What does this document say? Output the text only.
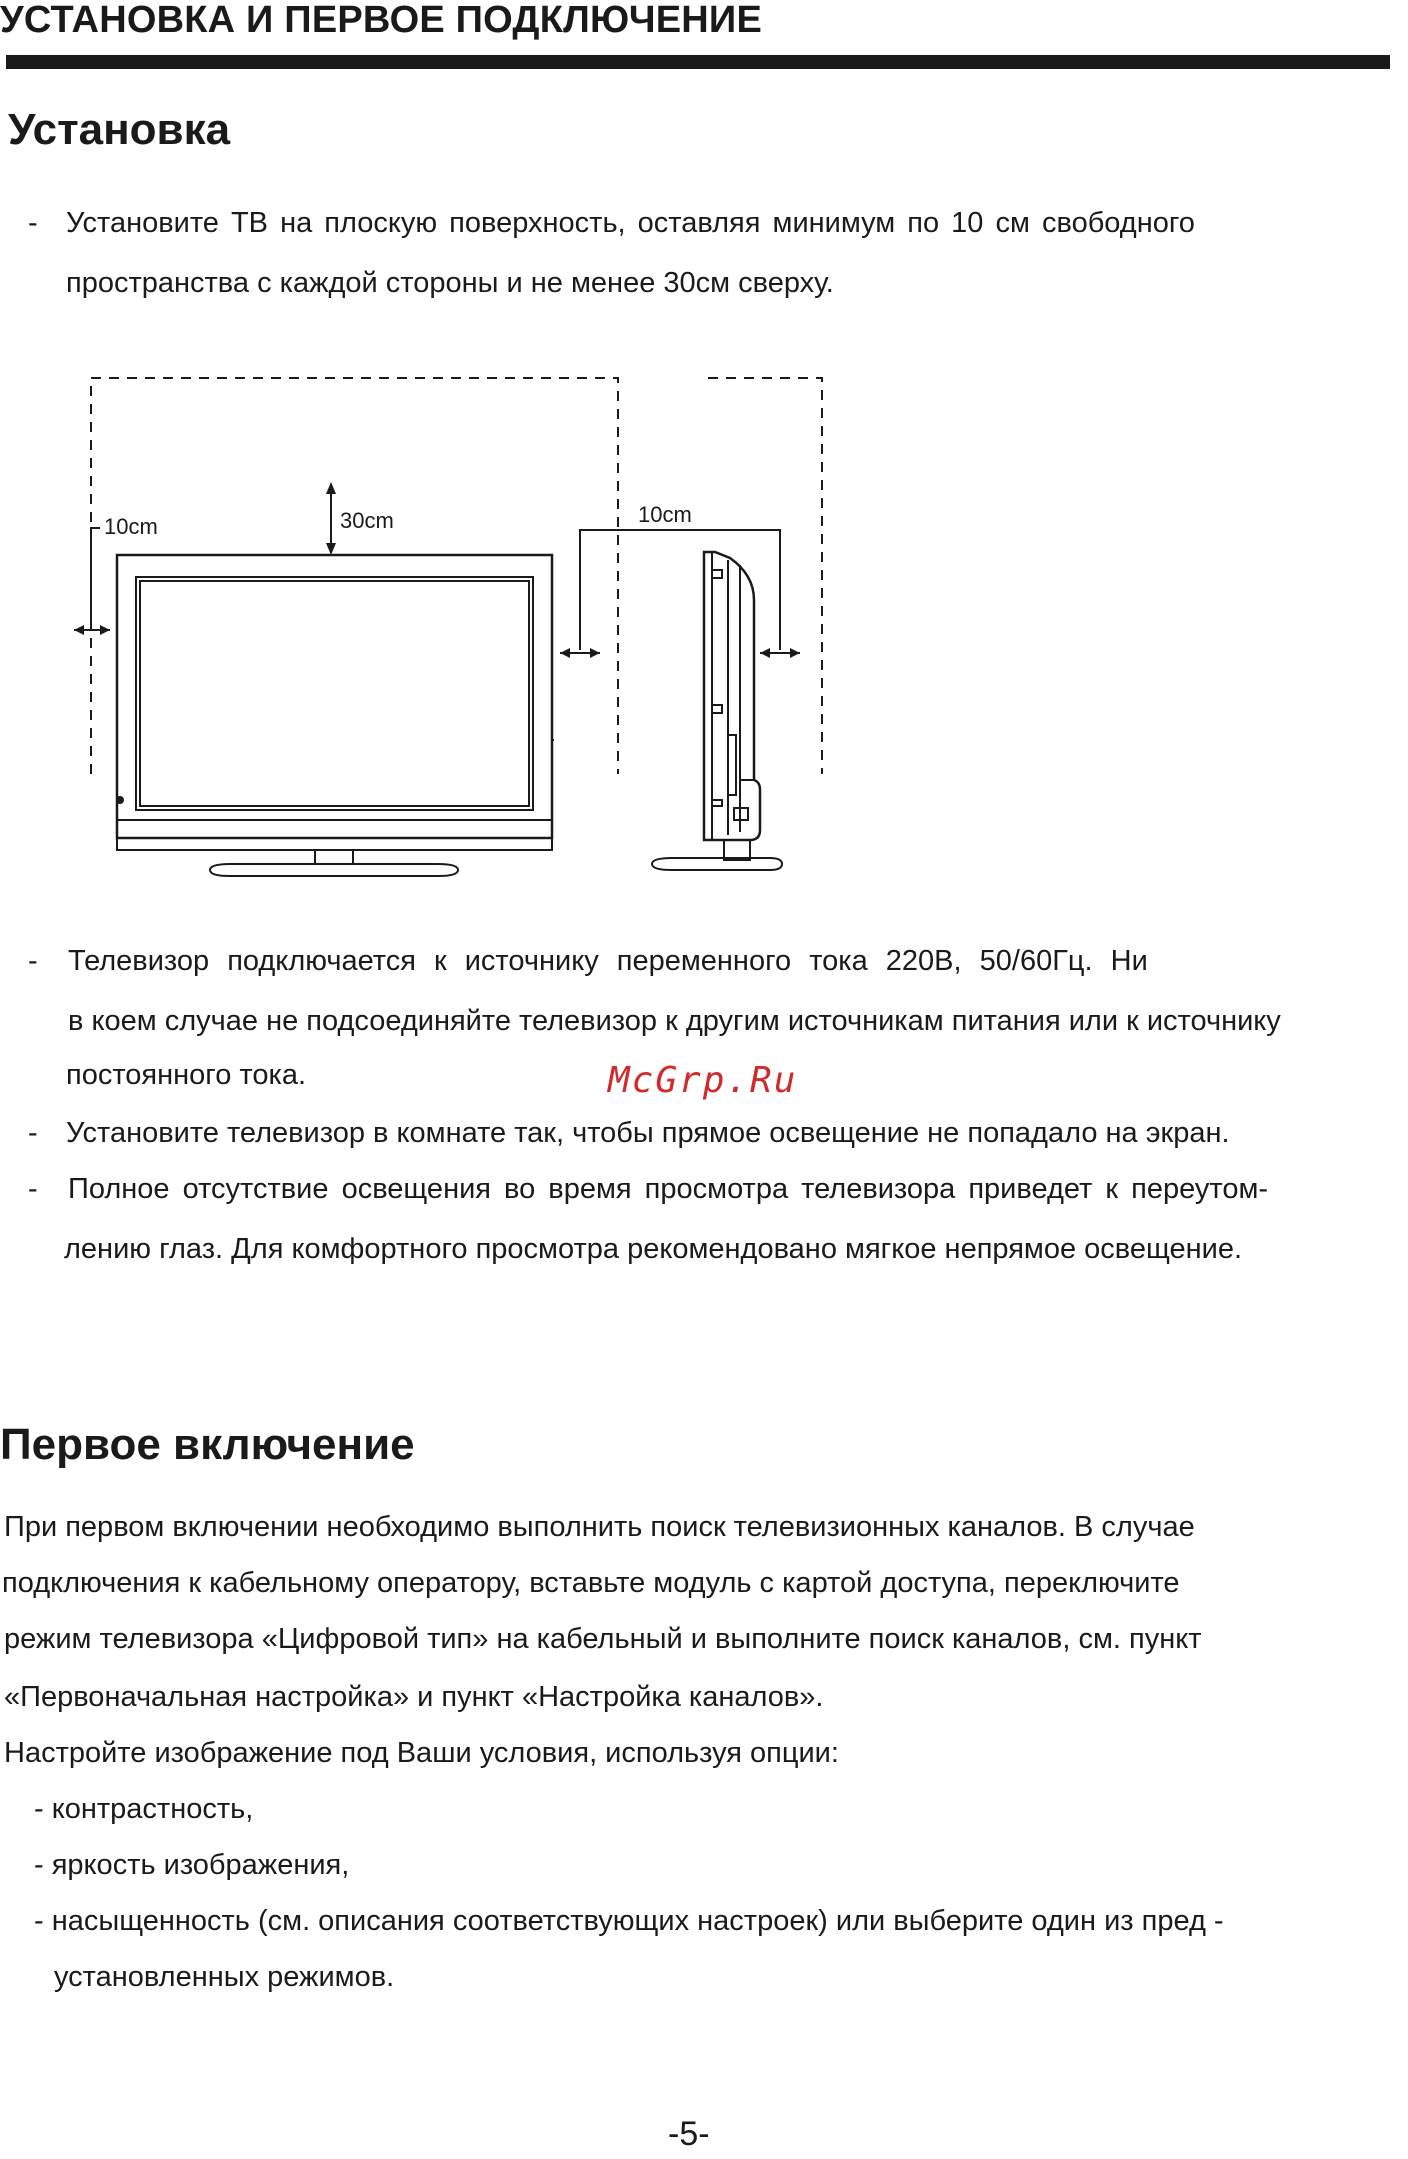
УСТАНОВКА И ПЕРВОЕ ПОДКЛЮЧЕНИЕ
Установка
- Установите ТВ на плоскую поверхность, оставляя минимум по 10 см свободного
пространства с каждой стороны и не менее 30см сверху.
10cm	30cm	10cm
- Телевизор подключается к источнику переменного тока 220В, 50/60Гц. Ни
в коем случае не подсоединяйте телевизор к другим источникам питания или к источнику
постоянного тока.	McGrp.Ru
- Установите телевизор в комнате так, чтобы прямое освещение не попадало на экран.
- Полное отсутствие освещения во время просмотра телевизора приведет к переутом-
лению глаз. Для комфортного просмотра рекомендовано мягкое непрямое освещение.
Первое включение
При первом включении необходимо выполнить поиск телевизионных каналов. В случае
подключения к кабельному оператору, вставьте модуль с картой доступа, переключите
режим телевизора «Цифровой тип» на кабельный и выполните поиск каналов, см. пункт
«Первоначальная настройка» и пункт «Настройка каналов».
Настройте изображение под Ваши условия, используя опции:
- контрастность,
- яркость изображения,
- насыщенность (см. описания соответствующих настроек) или выберите один из пред -
установленных режимов.
-5-
